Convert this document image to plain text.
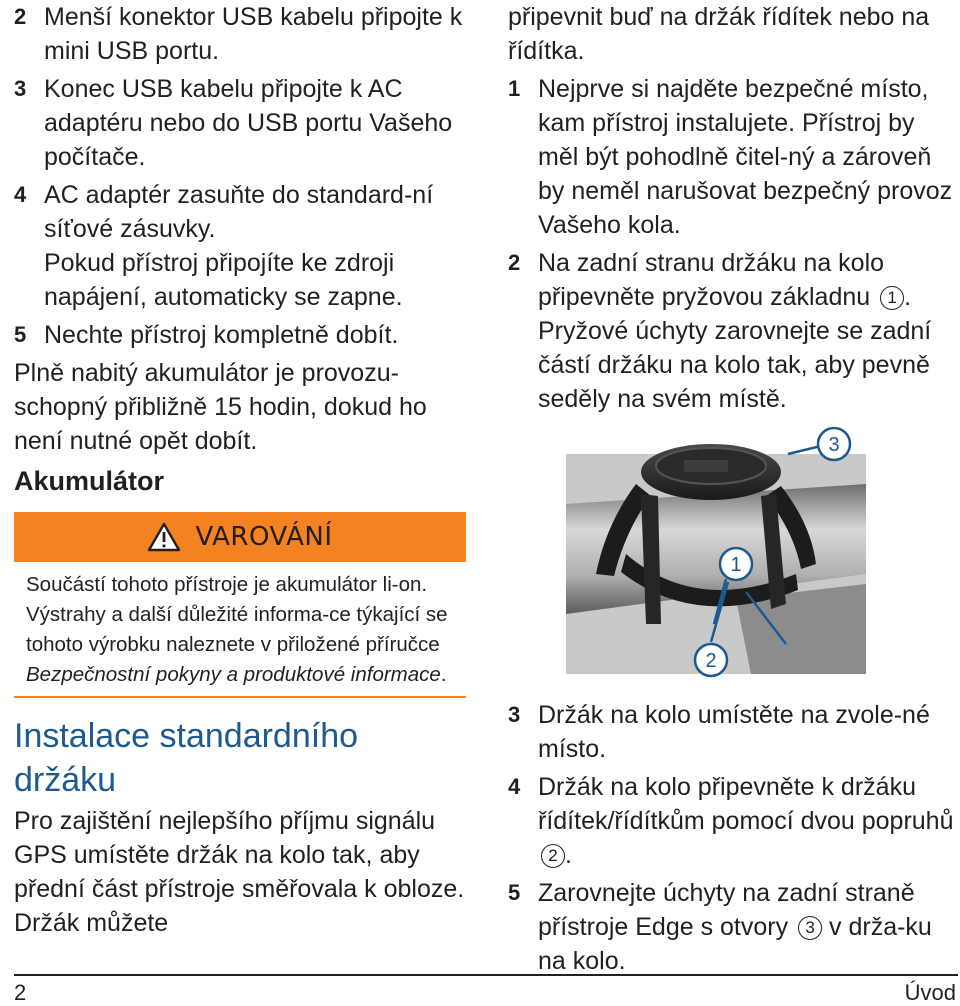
2 Menší konektor USB kabelu připojte k mini USB portu.
3 Konec USB kabelu připojte k AC adaptéru nebo do USB portu Vašeho počítače.
4 AC adaptér zasuňte do standard-ní síťové zásuvky.
Pokud přístroj připojíte ke zdroji napájení, automaticky se zapne.
5 Nechte přístroj kompletně dobít.
Plně nabitý akumulátor je provozu-schopný přibližně 15 hodin, dokud ho není nutné opět dobít.
Akumulátor
VAROVÁNÍ
Součástí tohoto přístroje je akumulátor li-on. Výstrahy a další důležité informa-ce týkající se tohoto výrobku naleznete v přiložené příručce Bezpečnostní pokyny a produktové informace.
Instalace standardního držáku
Pro zajištění nejlepšího příjmu signálu GPS umístěte držák na kolo tak, aby přední část přístroje směřovala k obloze. Držák můžete
připevnit buď na držák řídítek nebo na řídítka.
1 Nejprve si najděte bezpečné místo, kam přístroj instalujete. Přístroj by měl být pohodlně čitel-ný a zároveň by neměl narušovat bezpečný provoz Vašeho kola.
2 Na zadní stranu držáku na kolo připevněte pryžovou základnu 1 .
Pryžové úchyty zarovnejte se zadní částí držáku na kolo tak, aby pevně seděly na svém místě.
3
1
2
3 Držák na kolo umístěte na zvole-né místo.
4 Držák na kolo připevněte k držáku řídítek/řídítkům pomocí dvou popruhů 2 .
5 Zarovnejte úchyty na zadní straně přístroje Edge s otvory 3 v drža-ku na kolo.
2	Úvod
